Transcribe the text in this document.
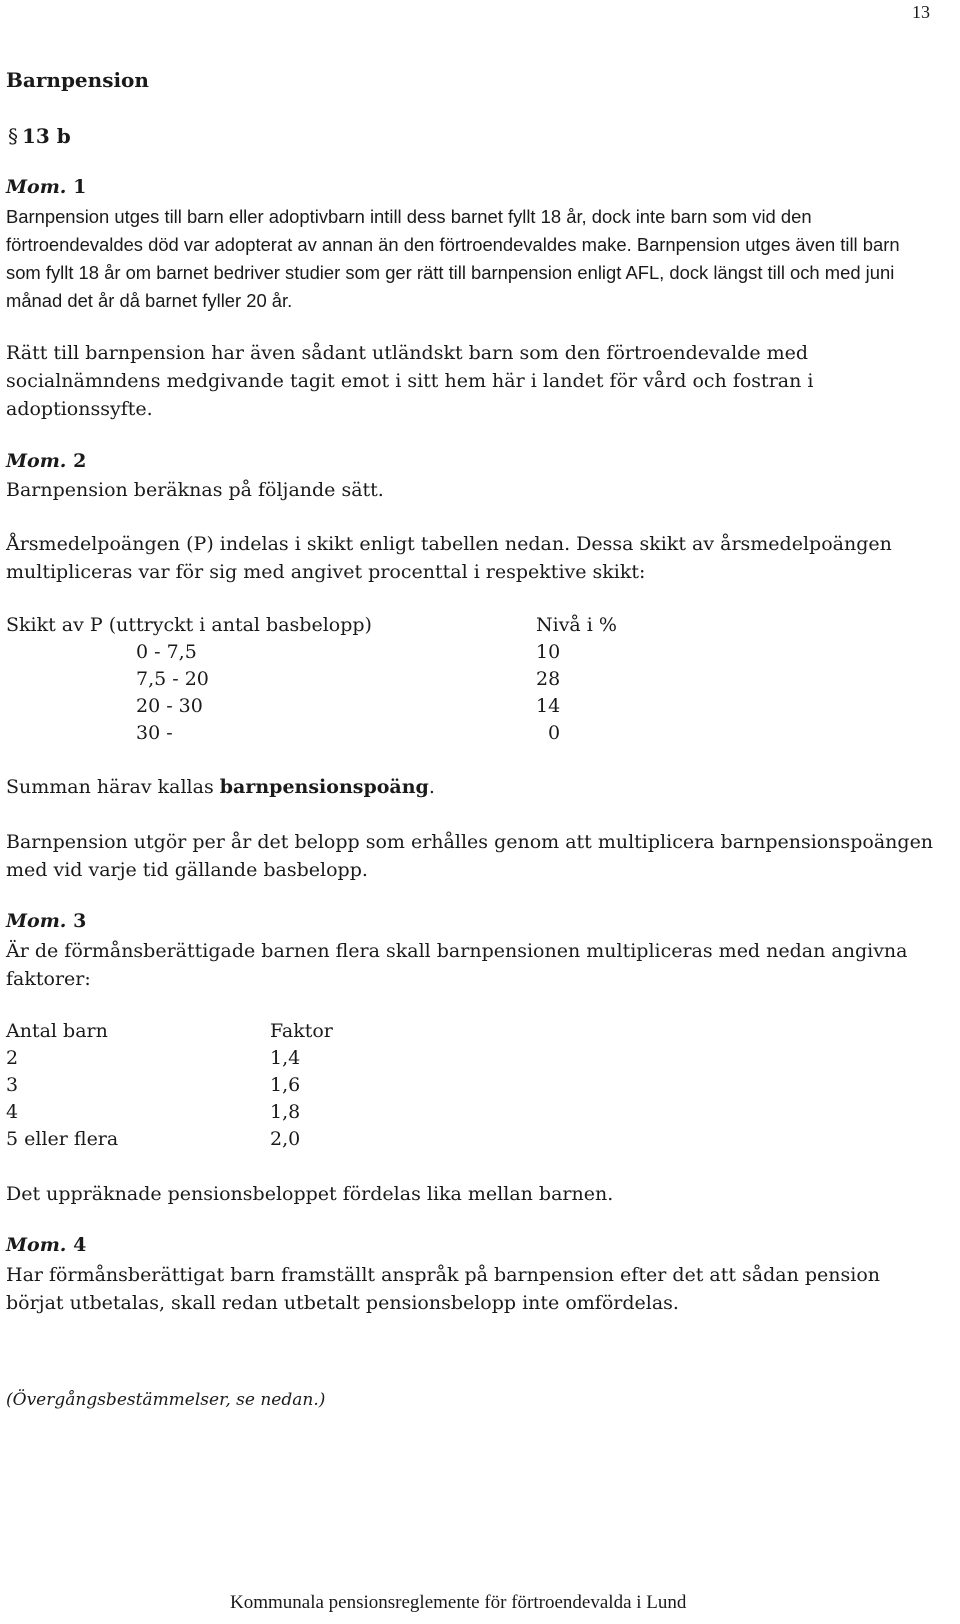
13
Barnpension
§ 13 b
Mom. 1
Barnpension utges till barn eller adoptivbarn intill dess barnet fyllt 18 år, dock inte barn som vid den förtroendevaldes död var adopterat av annan än den förtroendevaldes make. Barnpension utges även till barn som fyllt 18 år om barnet bedriver studier som ger rätt till barnpension enligt AFL, dock längst till och med juni månad det år då barnet fyller 20 år.
Rätt till barnpension har även sådant utländskt barn som den förtroendevalde med socialnämndens medgivande tagit emot i sitt hem här i landet för vård och fostran i adoptionssyfte.
Mom. 2
Barnpension beräknas på följande sätt.
Årsmedelpoängen (P) indelas i skikt enligt tabellen nedan. Dessa skikt av årsmedelpoängen multipliceras var för sig med angivet procenttal i respektive skikt:
Skikt av P (uttryckt i antal basbelopp)	Nivå i %
0 - 7,5	10
7,5 - 20	28
20 - 30	14
30 -	0
Summan härav kallas barnpensionspoäng.
Barnpension utgör per år det belopp som erhålles genom att multiplicera barnpensionspoängen med vid varje tid gällande basbelopp.
Mom. 3
Är de förmånsberättigade barnen flera skall barnpensionen multipliceras med nedan angivna faktorer:
Antal barn	Faktor
2	1,4
3	1,6
4	1,8
5 eller flera	2,0
Det uppräknade pensionsbeloppet fördelas lika mellan barnen.
Mom. 4
Har förmånsberättigat barn framställt anspråk på barnpension efter det att sådan pension börjat utbetalas, skall redan utbetalt pensionsbelopp inte omfördelas.
(Övergångsbestämmelser, se nedan.)
Kommunala pensionsreglemente för förtroendevalda i Lund
